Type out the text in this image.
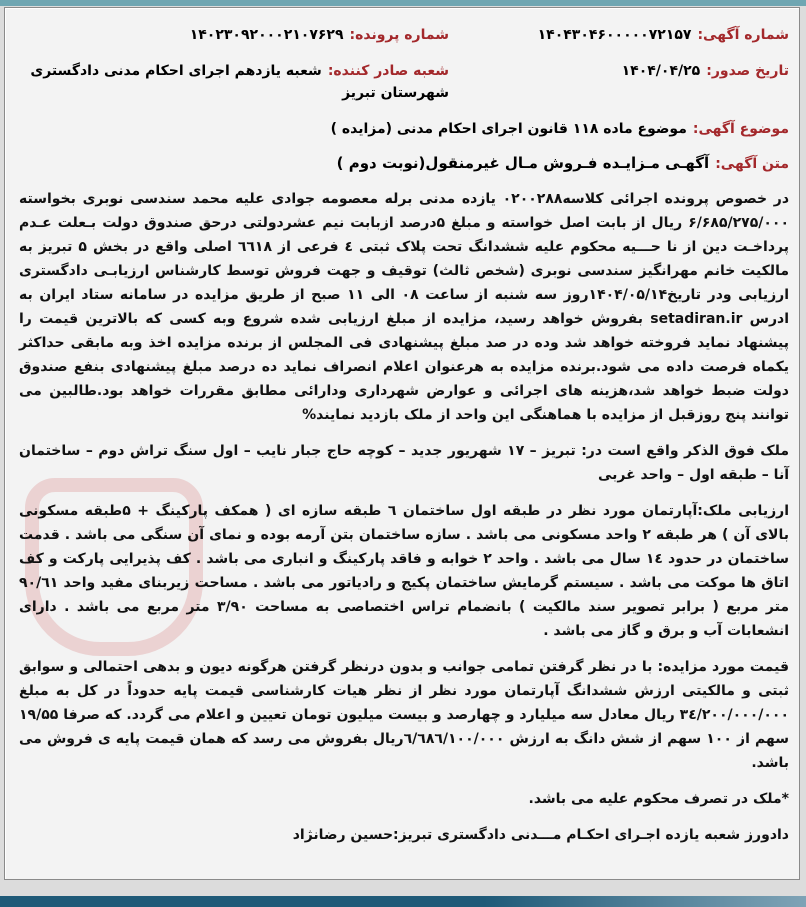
شماره آگهی:۱۴۰۴۳۰۴۶۰۰۰۰۰۷۲۱۵۷
شماره پرونده:۱۴۰۲۳۰۹۲۰۰۰۲۱۰۷۶۲۹
تاریخ صدور:۱۴۰۴/۰۴/۲۵
شعبه صادر کننده:شعبه یازدهم اجرای احکام مدنی دادگستری شهرستان تبریز
موضوع آگهی:موضوع ماده ۱۱۸ قانون اجرای احکام مدنی (مزایده )
متن آگهی:آگهـی مـزایـده فـروش مـال غیرمنقول(نوبت دوم )
در خصوص پرونده اجرائی کلاسه۰۲۰۰۲۸۸ یازده مدنی برله معصومه جوادی علیه محمد سندسی نوبری بخواسته ۶/۶۸۵/۲۷۵/۰۰۰ ریال از بابت اصل خواسته و مبلغ ۵درصد ازبابت نیم عشردولتی درحق صندوق دولت بـعلت عـدم پرداخـت دین از نا حـــیه محکوم علیه ششدانگ تحت پلاک ثبتی ٤ فرعی از ٦٦١٨ اصلی واقع در بخش ۵ تبریز به مالکیت خانم مهرانگیز سندسی نوبری (شخص ثالث) توقیف و جهت فروش توسط کارشناس ارزیابـی دادگستری ارزیابی ودر تاریخ۱۴۰۴/۰۵/۱۴روز سه شنبه از ساعت ۰۸ الی ۱۱ صبح از طریق مزایده در سامانه ستاد ایران به ادرس setadiran.ir بفروش خواهد رسید، مزایده از مبلغ ارزیابی شده شروع وبه کسی که بالاترین قیمت را پیشنهاد نماید فروخته خواهد شد وده در صد مبلغ پیشنهادی فی المجلس از برنده مزایده اخذ وبه مابقی حداکثر یکماه فرصت داده می شود.برنده مزایده به هرعنوان اعلام انصراف نماید ده درصد مبلغ پیشنهادی بنفع صندوق دولت ضبط خواهد شد،هزینه های اجرائی و عوارض شهرداری ودارائی مطابق مقررات خواهد بود.طالبین می توانند پنج روزقبل از مزایده با هماهنگی این واحد از ملک بازدید نمایند%
ملک فوق الذکر واقع است در: تبریز – ۱۷ شهریور جدید – کوچه حاج جبار نایب – اول سنگ تراش دوم – ساختمان آنا – طبقه اول – واحد غربی
ارزیابی ملک:آپارتمان مورد نظر در طبقه اول ساختمان ٦ طبقه سازه ای ( همکف پارکینگ + ۵طبقه مسکونی بالای آن ) هر طبقه ۲ واحد مسکونی می باشد . سازه ساختمان بتن آرمه بوده و نمای آن سنگی می باشد . قدمت ساختمان در حدود ١٤ سال می باشد . واحد ۲ خوابه و فاقد پارکینگ و انباری می باشد . کف پذیرایی پارکت و کف اتاق ها موکت می باشد . سیستم گرمایش ساختمان پکیج و رادیاتور می باشد . مساحت زیربنای مفید واحد ٩٠/٦١ متر مربع ( برابر تصویر سند مالکیت ) بانضمام تراس اختصاصی به مساحت ۳/۹۰ متر مربع می باشد . دارای انشعابات آب و برق و گاز می باشد .
قیمت مورد مزایده: با در نظر گرفتن تمامی جوانب و بدون درنظر گرفتن هرگونه دیون و بدهی احتمالی و سوابق ثبتی و مالکیتی ارزش ششدانگ آپارتمان مورد نظر از نظر هیات کارشناسی قیمت پایه حدوداً در کل به مبلغ ۳٤/۲۰۰/۰۰۰/۰۰۰ ریال معادل سه میلیارد و چهارصد و بیست میلیون تومان تعیین و اعلام می گردد. که صرفا ۱۹/۵۵ سهم از ۱۰۰ سهم از شش دانگ به ارزش ٦/٦٨٦/۱۰۰/۰۰۰ریال بفروش می رسد که همان قیمت پایه ی فروش می باشد.
*ملک در تصرف محکوم علیه می باشد.
دادورز شعبه یازده اجـرای احکـام مـــدنی دادگستری تبریز:حسین رضانژاد
